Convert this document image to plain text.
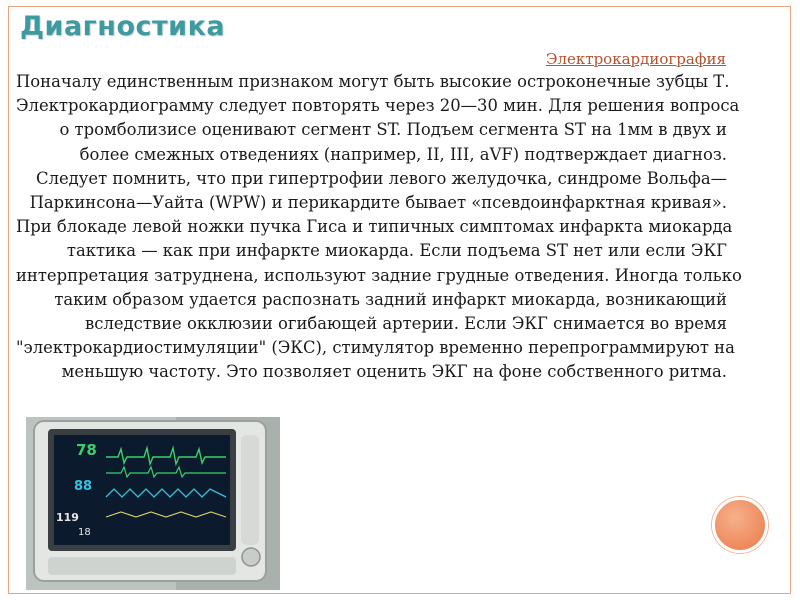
Диагностика
Электрокардиография
Поначалу единственным признаком могут быть высокие остроконечные зубцы Т.
Электрокардиограмму следует повторять через 20—30 мин. Для решения вопроса
о тромболизисе оценивают сегмент ST. Подъем сегмента ST на 1мм в двух и
более смежных отведениях (например, II, III, aVF) подтверждает диагноз.
Следует помнить, что при гипертрофии левого желудочка, синдроме Вольфа—
Паркинсона—Уайта (WPW) и перикардите бывает «псевдоинфарктная кривая».
При блокаде левой ножки пучка Гиса и типичных симптомах инфаркта миокарда
тактика — как при инфаркте миокарда. Если подъема ST нет или если ЭКГ
интерпретация затруднена, используют задние грудные отведения. Иногда только
таким образом удается распознать задний инфаркт миокарда, возникающий
вследствие окклюзии огибающей артерии. Если ЭКГ снимается во время
"электрокардиостимуляции" (ЭКС), стимулятор временно перепрограммируют на
меньшую частоту. Это позволяет оценить ЭКГ на фоне собственного ритма.
78
88
119
18
